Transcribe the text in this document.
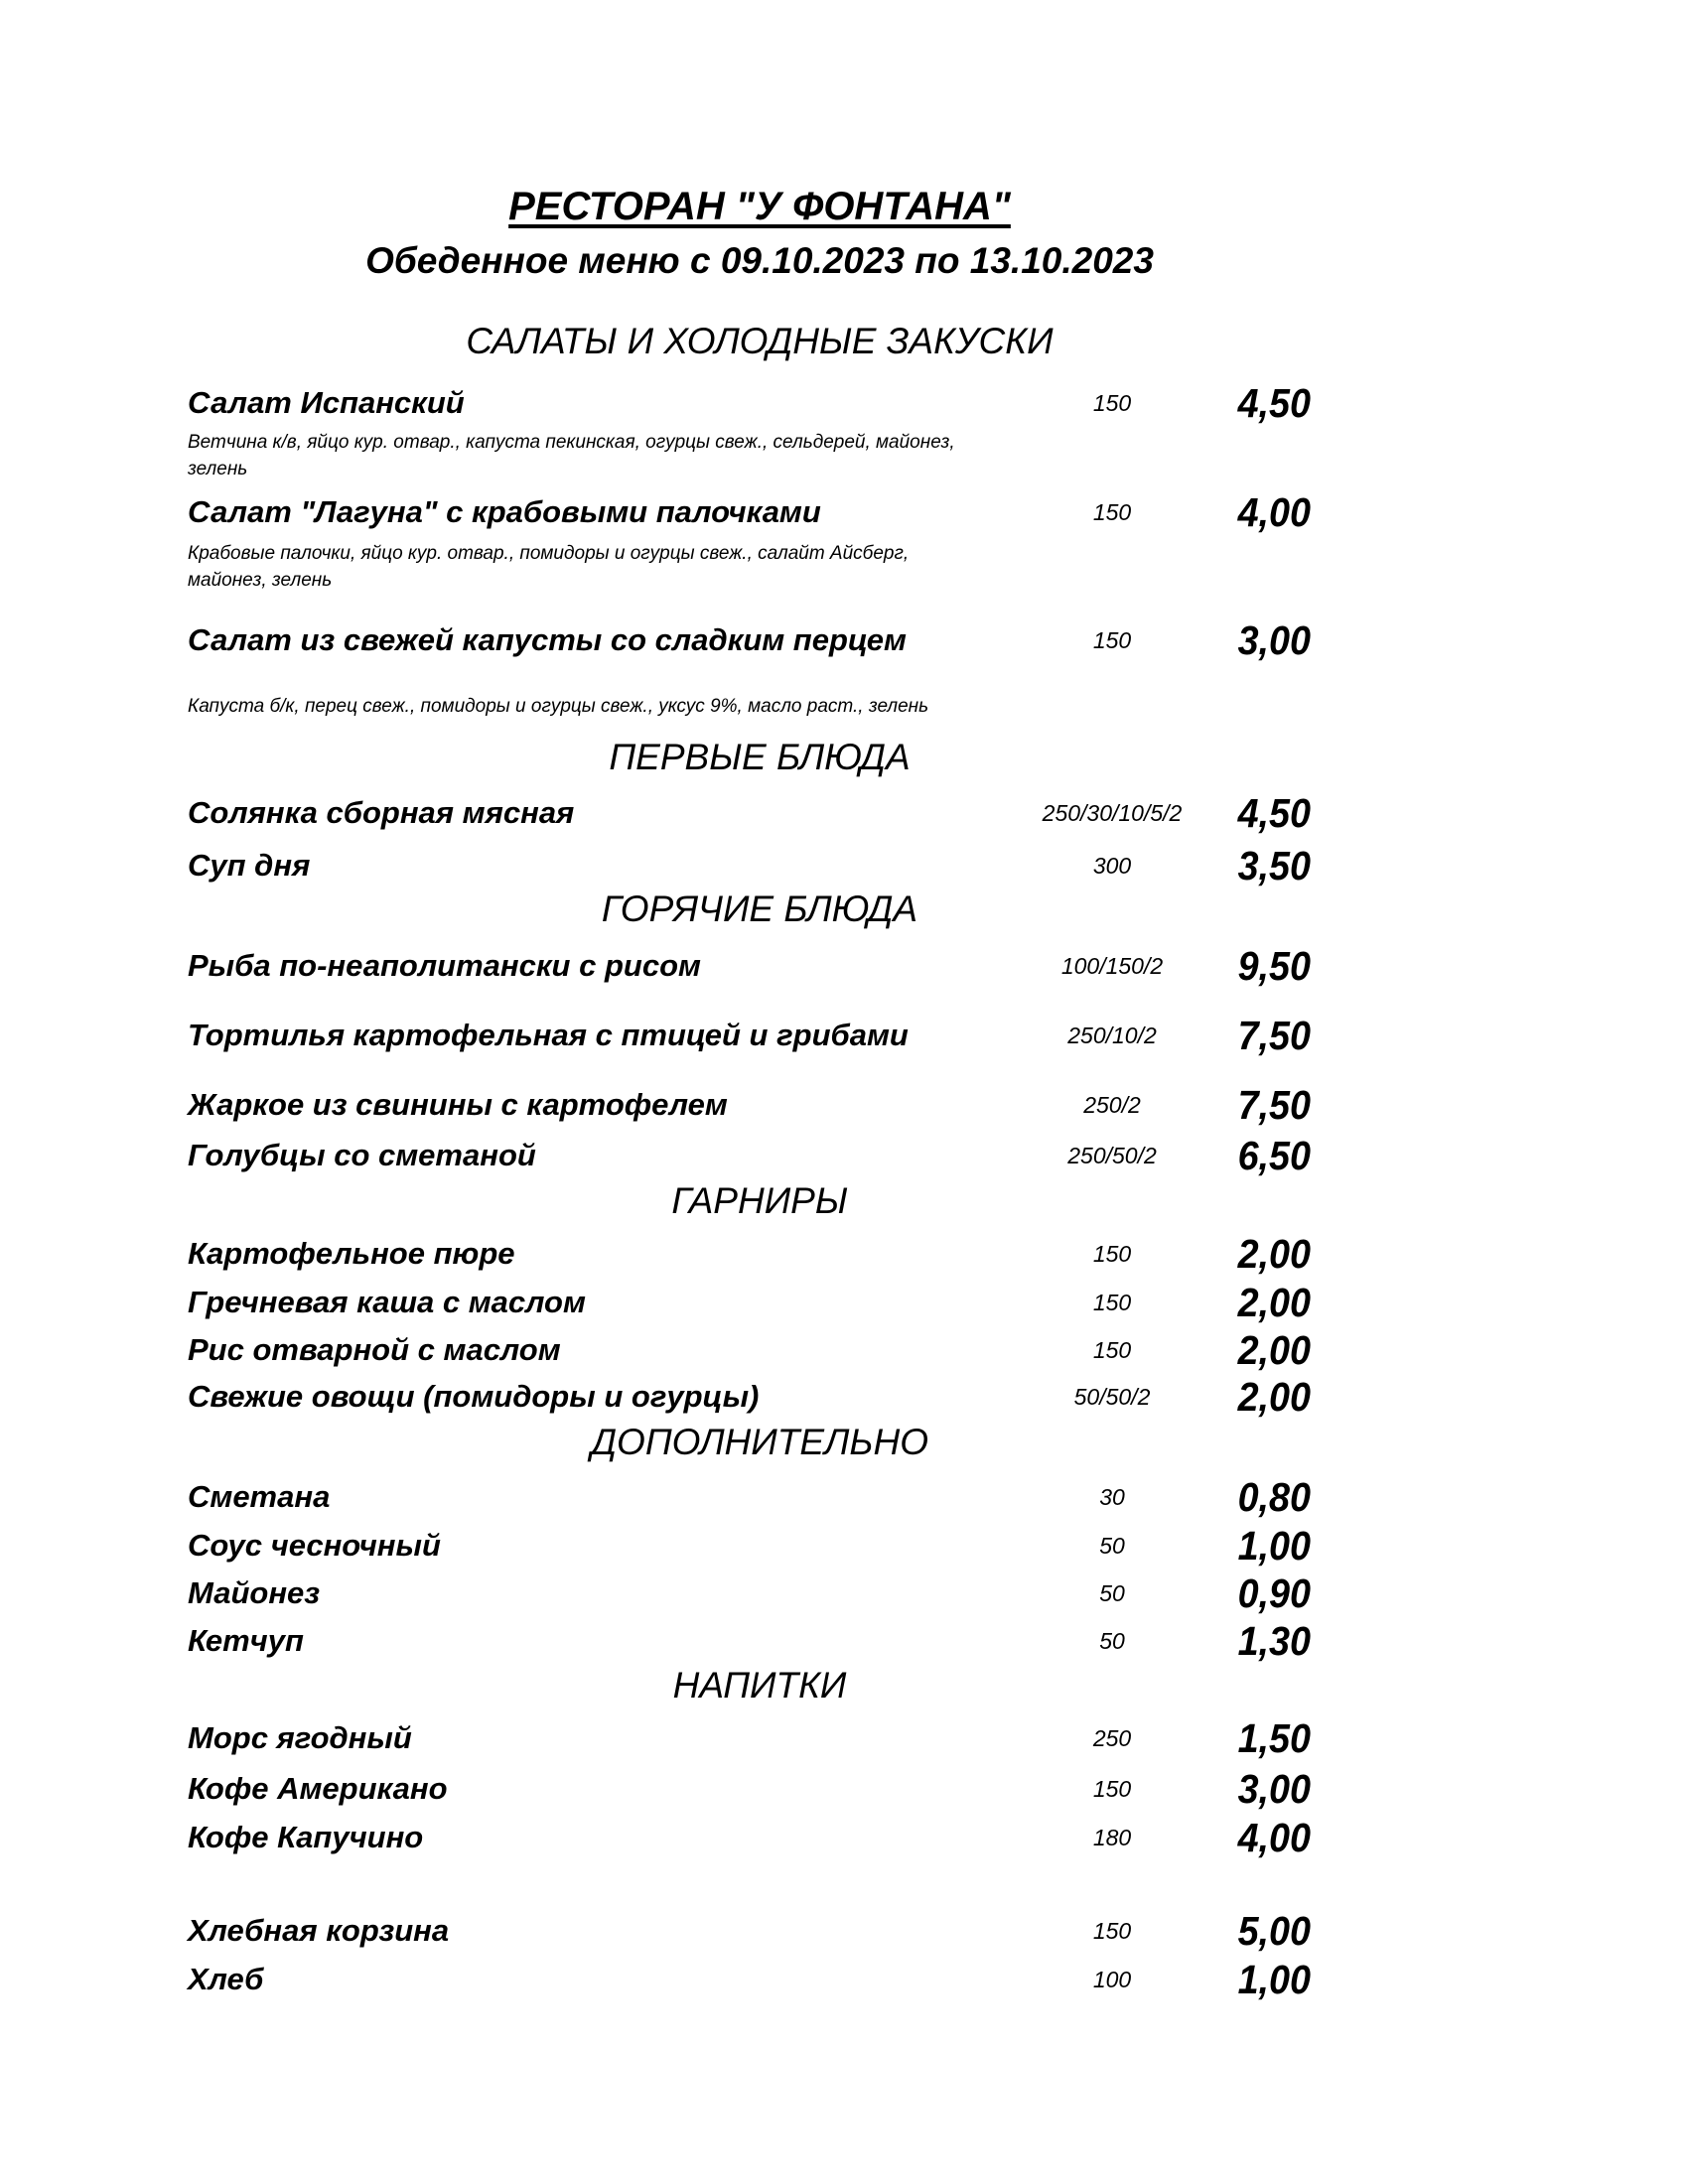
РЕСТОРАН "У ФОНТАНА"
Обеденное меню с 09.10.2023 по 13.10.2023
САЛАТЫ И ХОЛОДНЫЕ ЗАКУСКИ
Салат Испанский	150	4,50
Ветчина к/в, яйцо кур. отвар., капуста пекинская, огурцы свеж., сельдерей, майонез,
зелень
Салат "Лагуна" с крабовыми палочками	150	4,00
Крабовые палочки, яйцо кур. отвар., помидоры и огурцы свеж., салайт Айсберг,
майонез, зелень
Салат из свежей капусты со сладким перцем	150	3,00
Капуста б/к, перец свеж., помидоры и огурцы свеж., уксус 9%, масло раст., зелень
ПЕРВЫЕ БЛЮДА
Солянка сборная мясная	250/30/10/5/2	4,50
Суп дня	300	3,50
ГОРЯЧИЕ БЛЮДА
Рыба по-неаполитански с рисом	100/150/2	9,50
Тортилья картофельная с птицей и грибами	250/10/2	7,50
Жаркое из свинины с картофелем	250/2	7,50
Голубцы со сметаной	250/50/2	6,50
ГАРНИРЫ
Картофельное пюре	150	2,00
Гречневая каша с маслом	150	2,00
Рис отварной с маслом	150	2,00
Свежие овощи (помидоры и огурцы)	50/50/2	2,00
ДОПОЛНИТЕЛЬНО
Сметана	30	0,80
Соус чесночный	50	1,00
Майонез	50	0,90
Кетчуп	50	1,30
НАПИТКИ
Морс ягодный	250	1,50
Кофе Американо	150	3,00
Кофе Капучино	180	4,00
Хлебная корзина	150	5,00
Хлеб	100	1,00
